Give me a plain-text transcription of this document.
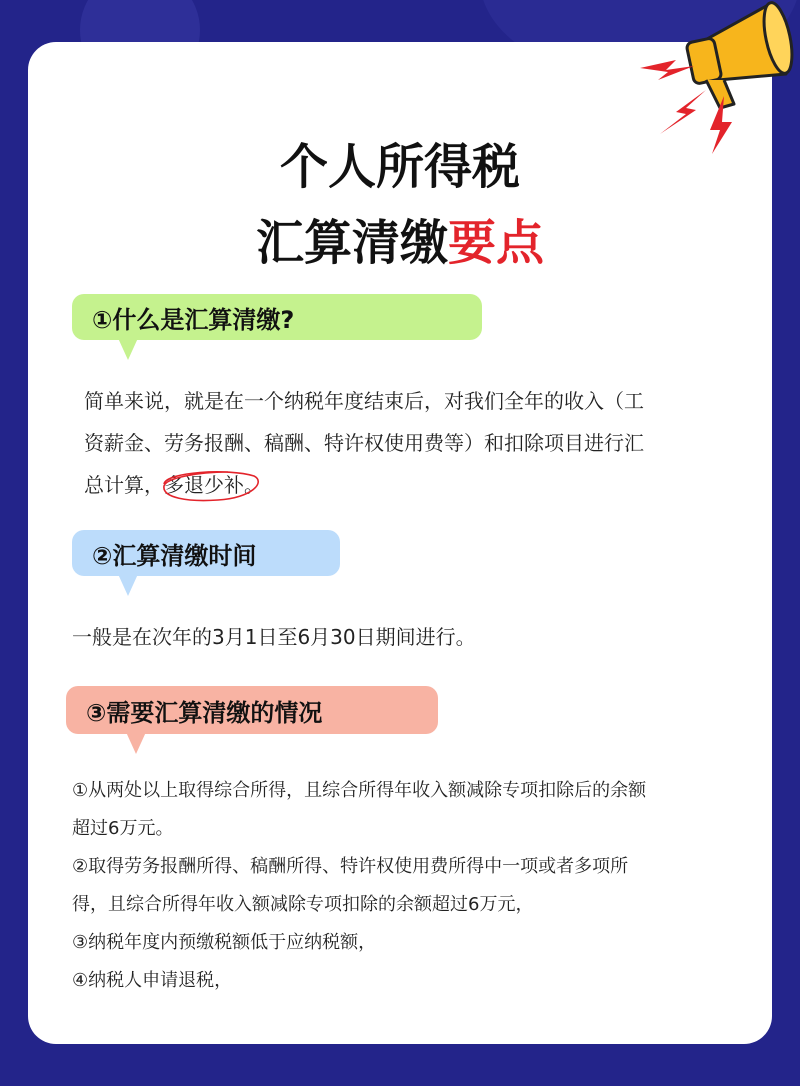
个人所得税
汇算清缴要点
①什么是汇算清缴?
简单来说，就是在一个纳税年度结束后，对我们全年的收入（工
资薪金、劳务报酬、稿酬、特许权使用费等）和扣除项目进行汇
总计算，
多退少补。
②汇算清缴时间
一般是在次年的3月1日至6月30日期间进行。
③需要汇算清缴的情况
①从两处以上取得综合所得，且综合所得年收入额减除专项扣除后的余额
超过6万元。
②取得劳务报酬所得、稿酬所得、特许权使用费所得中一项或者多项所
得，且综合所得年收入额减除专项扣除的余额超过6万元，
③纳税年度内预缴税额低于应纳税额，
④纳税人申请退税，
